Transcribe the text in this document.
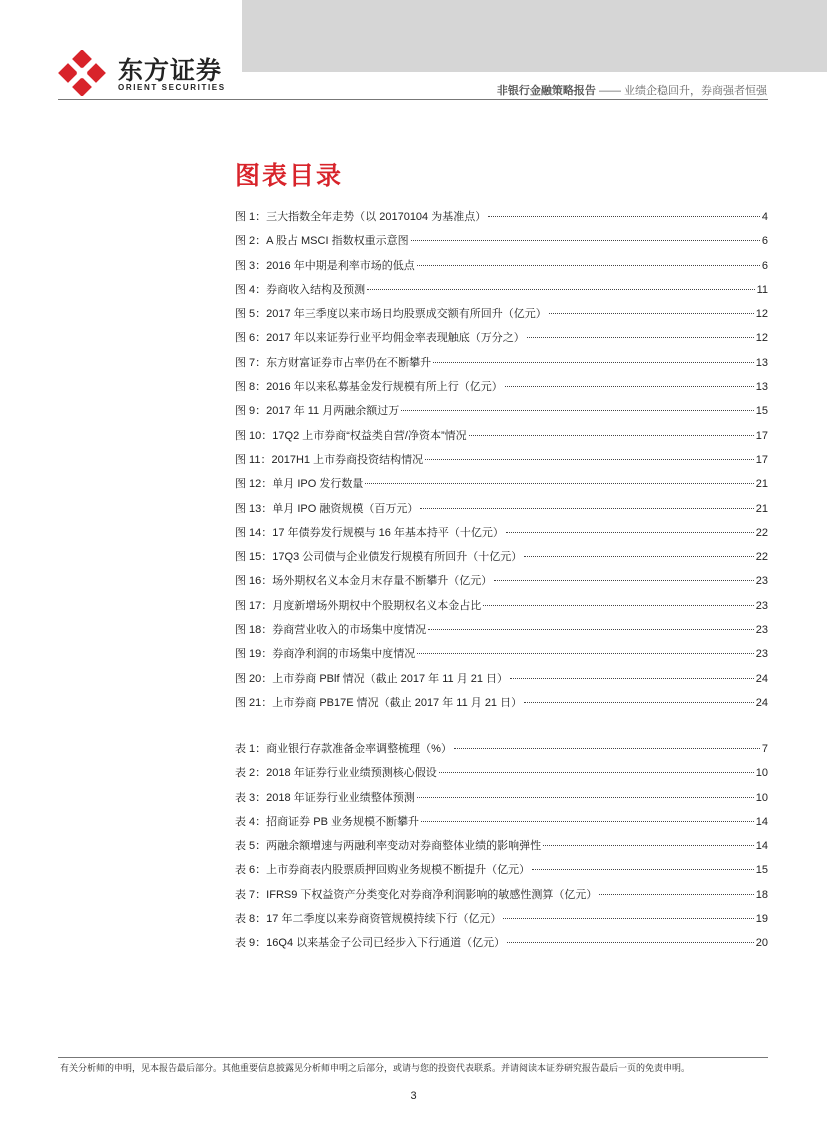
东方证券
ORIENT SECURITIES	非银行金融策略报告 —— 业绩企稳回升，券商强者恒强
图表目录
图 1：三大指数全年走势（以 20170104 为基准点）	4
图 2：A 股占 MSCI 指数权重示意图	6
图 3：2016 年中期是利率市场的低点	6
图 4：券商收入结构及预测	11
图 5：2017 年三季度以来市场日均股票成交额有所回升（亿元）	12
图 6：2017 年以来证券行业平均佣金率表现触底（万分之）	12
图 7：东方财富证券市占率仍在不断攀升	13
图 8：2016 年以来私募基金发行规模有所上行（亿元）	13
图 9：2017 年 11 月两融余额过万	15
图 10：17Q2 上市券商“权益类自营/净资本”情况	17
图 11：2017H1 上市券商投资结构情况	17
图 12：单月 IPO 发行数量	21
图 13：单月 IPO 融资规模（百万元）	21
图 14：17 年债券发行规模与 16 年基本持平（十亿元）	22
图 15：17Q3 公司债与企业债发行规模有所回升（十亿元）	22
图 16：场外期权名义本金月末存量不断攀升（亿元）	23
图 17：月度新增场外期权中个股期权名义本金占比	23
图 18：券商营业收入的市场集中度情况	23
图 19：券商净利润的市场集中度情况	23
图 20：上市券商 PBlf 情况（截止 2017 年 11 月 21 日）	24
图 21：上市券商 PB17E 情况（截止 2017 年 11 月 21 日）	24
表 1：商业银行存款准备金率调整梳理（%）	7
表 2：2018 年证券行业业绩预测核心假设	10
表 3：2018 年证券行业业绩整体预测	10
表 4：招商证券 PB 业务规模不断攀升	14
表 5：两融余额增速与两融利率变动对券商整体业绩的影响弹性	14
表 6：上市券商表内股票质押回购业务规模不断提升（亿元）	15
表 7：IFRS9 下权益资产分类变化对券商净利润影响的敏感性测算（亿元）	18
表 8：17 年二季度以来券商资管规模持续下行（亿元）	19
表 9：16Q4 以来基金子公司已经步入下行通道（亿元）	20
有关分析师的申明，见本报告最后部分。其他重要信息披露见分析师申明之后部分，或请与您的投资代表联系。并请阅读本证券研究报告最后一页的免责申明。
3
